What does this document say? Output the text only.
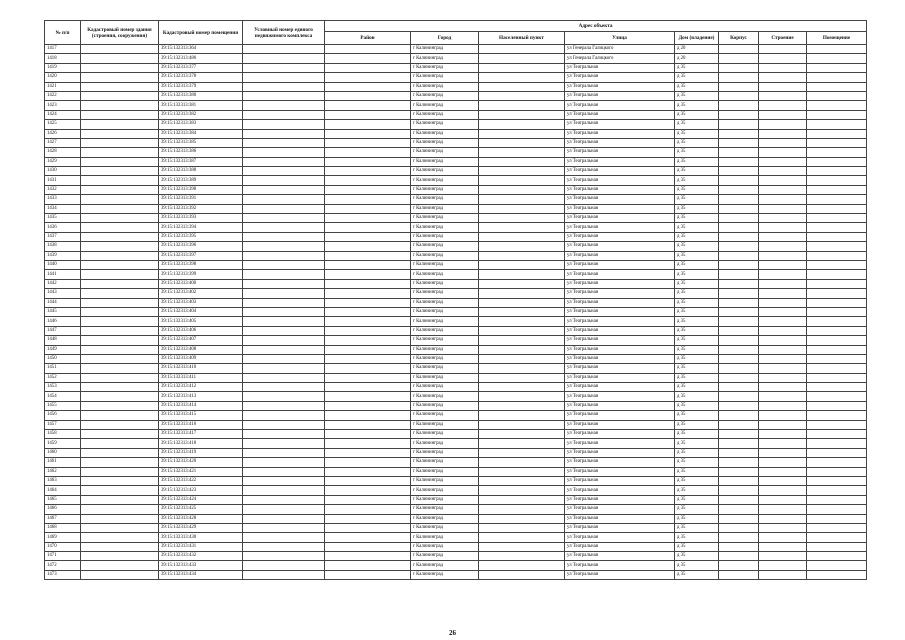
№ п/п	Кадастровый номер здания (строения, сооружения)	Кадастровый номер помещения	Условный номер единого недвижимого комплекса	Адрес объекта							
				Район	Город	Населенный пункт	Улица	Дом (владение)	Корпус	Строение	Помещение
1417		39:15:132313:364			г Калининград		ул Генерала Галицкого	д 20			
1418		39:15:132313:486			г Калининград		ул Генерала Галицкого	д 20			
1419		39:15:132313:377			г Калининград		ул Театральная	д 35			
1420		39:15:132313:378			г Калининград		ул Театральная	д 35			
1421		39:15:132313:379			г Калининград		ул Театральная	д 35			
1422		39:15:132313:380			г Калининград		ул Театральная	д 35			
1423		39:15:132313:381			г Калининград		ул Театральная	д 35			
1424		39:15:132313:382			г Калининград		ул Театральная	д 35			
1425		39:15:132313:383			г Калининград		ул Театральная	д 35			
1426		39:15:132313:384			г Калининград		ул Театральная	д 35			
1427		39:15:132313:385			г Калининград		ул Театральная	д 35			
1428		39:15:132313:386			г Калининград		ул Театральная	д 35			
1429		39:15:132313:387			г Калининград		ул Театральная	д 35			
1430		39:15:132313:388			г Калининград		ул Театральная	д 35			
1431		39:15:132313:389			г Калининград		ул Театральная	д 35			
1432		39:15:132313:390			г Калининград		ул Театральная	д 35			
1433		39:15:132313:391			г Калининград		ул Театральная	д 35			
1434		39:15:132313:392			г Калининград		ул Театральная	д 35			
1435		39:15:132313:393			г Калининград		ул Театральная	д 35			
1436		39:15:132313:394			г Калининград		ул Театральная	д 35			
1437		39:15:132313:395			г Калининград		ул Театральная	д 35			
1438		39:15:132313:396			г Калининград		ул Театральная	д 35			
1439		39:15:132313:397			г Калининград		ул Театральная	д 35			
1440		39:15:132313:398			г Калининград		ул Театральная	д 35			
1441		39:15:132313:399			г Калининград		ул Театральная	д 35			
1442		39:15:132313:400			г Калининград		ул Театральная	д 35			
1443		39:15:132313:402			г Калининград		ул Театральная	д 35			
1444		39:15:132313:403			г Калининград		ул Театральная	д 35			
1445		39:15:132313:404			г Калининград		ул Театральная	д 35			
1446		39:15:132313:405			г Калининград		ул Театральная	д 35			
1447		39:15:132313:406			г Калининград		ул Театральная	д 35			
1448		39:15:132313:407			г Калининград		ул Театральная	д 35			
1449		39:15:132313:408			г Калининград		ул Театральная	д 35			
1450		39:15:132313:409			г Калининград		ул Театральная	д 35			
1451		39:15:132313:410			г Калининград		ул Театральная	д 35			
1452		39:15:132313:411			г Калининград		ул Театральная	д 35			
1453		39:15:132313:412			г Калининград		ул Театральная	д 35			
1454		39:15:132313:413			г Калининград		ул Театральная	д 35			
1455		39:15:132313:414			г Калининград		ул Театральная	д 35			
1456		39:15:132313:415			г Калининград		ул Театральная	д 35			
1457		39:15:132313:416			г Калининград		ул Театральная	д 35			
1458		39:15:132313:417			г Калининград		ул Театральная	д 35			
1459		39:15:132313:418			г Калининград		ул Театральная	д 35			
1460		39:15:132313:419			г Калининград		ул Театральная	д 35			
1461		39:15:132313:420			г Калининград		ул Театральная	д 35			
1462		39:15:132313:421			г Калининград		ул Театральная	д 35			
1463		39:15:132313:422			г Калининград		ул Театральная	д 35			
1464		39:15:132313:423			г Калининград		ул Театральная	д 35			
1465		39:15:132313:424			г Калининград		ул Театральная	д 35			
1466		39:15:132313:425			г Калининград		ул Театральная	д 35			
1467		39:15:132313:428			г Калининград		ул Театральная	д 35			
1468		39:15:132313:429			г Калининград		ул Театральная	д 35			
1469		39:15:132313:430			г Калининград		ул Театральная	д 35			
1470		39:15:132313:431			г Калининград		ул Театральная	д 35			
1471		39:15:132313:432			г Калининград		ул Театральная	д 35			
1472		39:15:132313:433			г Калининград		ул Театральная	д 35			
1473		39:15:132313:434			г Калининград		ул Театральная	д 35			
26
